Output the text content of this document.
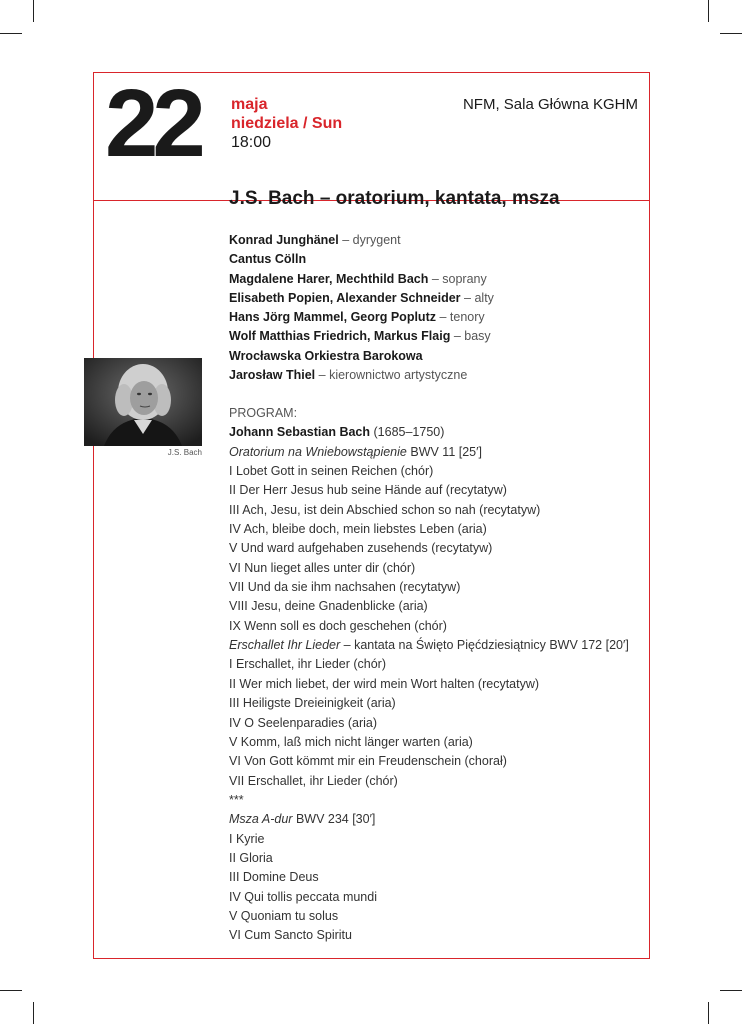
22 maja
niedziela / Sun
18:00
NFM, Sala Główna KGHM
J.S. Bach – oratorium, kantata, msza
J.S. Bach
Konrad Junghänel – dyrygent
Cantus Cölln
Magdalene Harer, Mechthild Bach – soprany
Elisabeth Popien, Alexander Schneider – alty
Hans Jörg Mammel, Georg Poplutz – tenory
Wolf Matthias Friedrich, Markus Flaig – basy
Wrocławska Orkiestra Barokowa
Jarosław Thiel – kierownictwo artystyczne
PROGRAM:
Johann Sebastian Bach (1685–1750)
Oratorium na Wniebowstąpienie BWV 11 [25′]
I Lobet Gott in seinen Reichen (chór)
II Der Herr Jesus hub seine Hände auf (recytatyw)
III Ach, Jesu, ist dein Abschied schon so nah (recytatyw)
IV Ach, bleibe doch, mein liebstes Leben (aria)
V Und ward aufgehaben zusehends (recytatyw)
VI Nun lieget alles unter dir (chór)
VII Und da sie ihm nachsahen (recytatyw)
VIII Jesu, deine Gnadenblicke (aria)
IX Wenn soll es doch geschehen (chór)
Erschallet Ihr Lieder – kantata na Święto Pięćdziesiątnicy BWV 172 [20′]
I Erschallet, ihr Lieder (chór)
II Wer mich liebet, der wird mein Wort halten (recytatyw)
III Heiligste Dreieinigkeit (aria)
IV O Seelenparadies (aria)
V Komm, laß mich nicht länger warten (aria)
VI Von Gott kömmt mir ein Freudenschein (chorał)
VII Erschallet, ihr Lieder (chór)
***
Msza A-dur BWV 234 [30′]
I Kyrie
II Gloria
III Domine Deus
IV Qui tollis peccata mundi
V Quoniam tu solus
VI Cum Sancto Spiritu
